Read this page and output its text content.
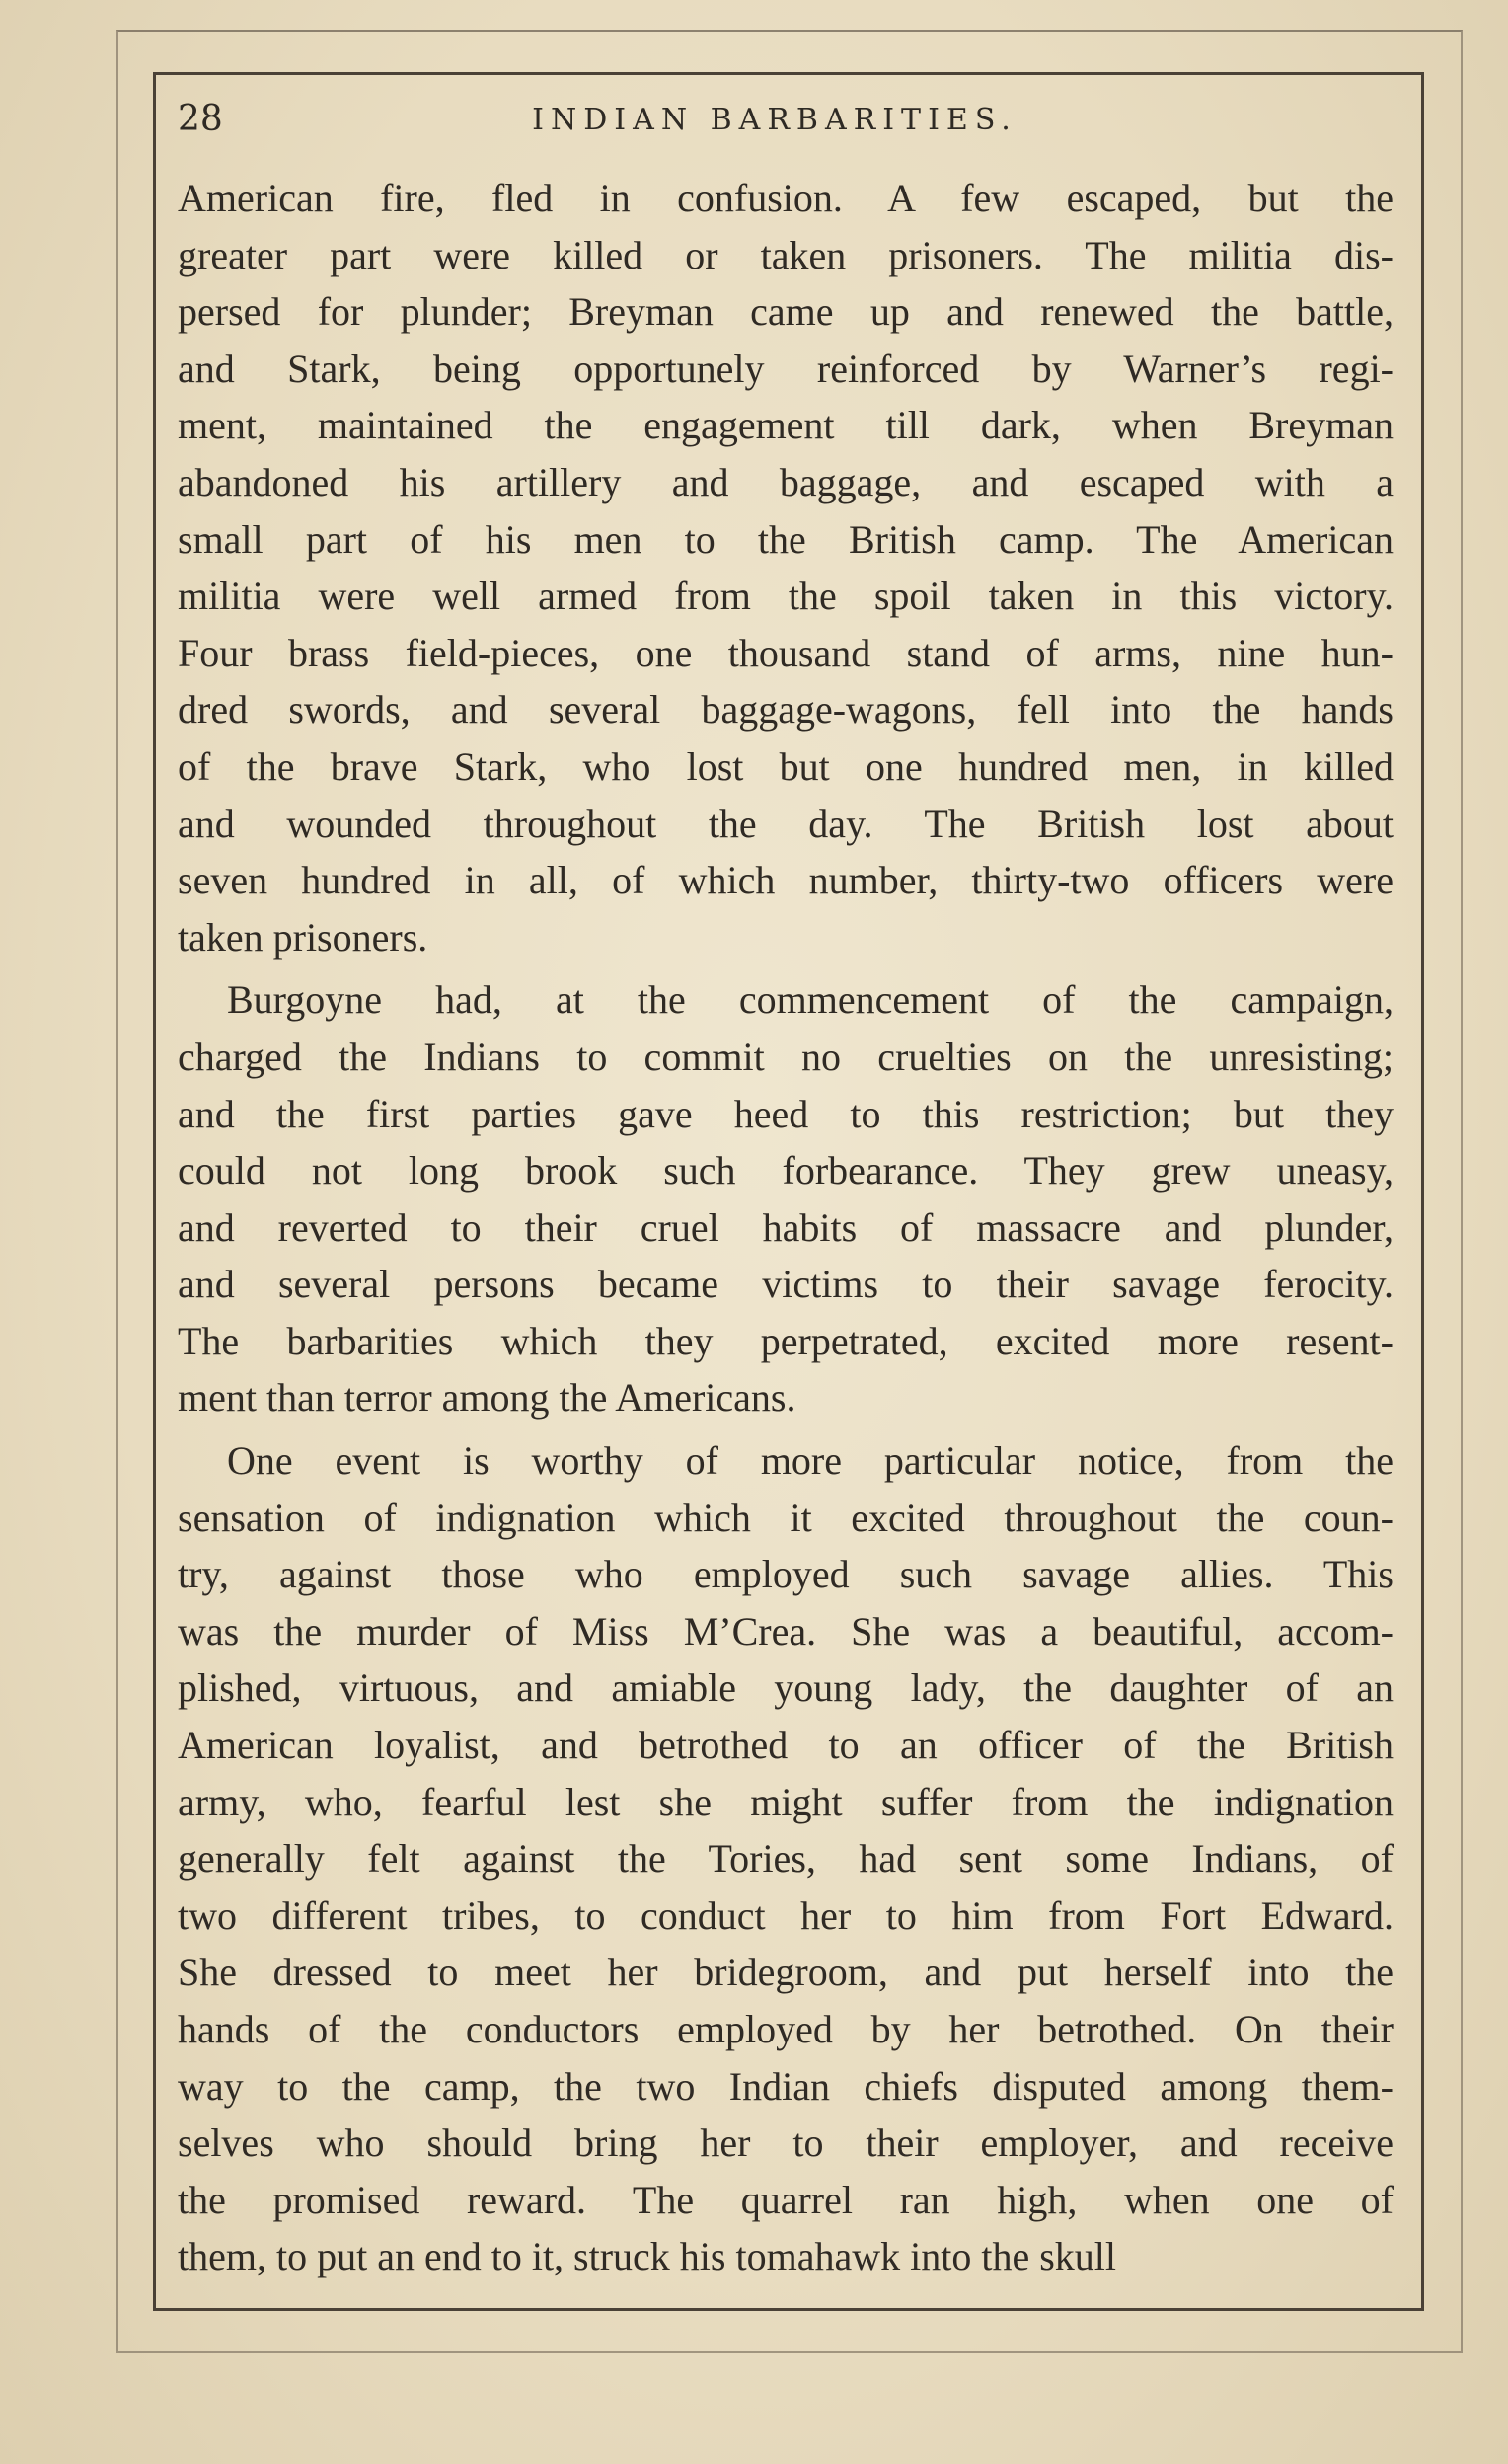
28	INDIAN BARBARITIES.
American fire, fled in confusion. A few escaped, but the
greater part were killed or taken prisoners. The militia dis-
persed for plunder; Breyman came up and renewed the battle,
and Stark, being opportunely reinforced by Warner’s regi-
ment, maintained the engagement till dark, when Breyman
abandoned his artillery and baggage, and escaped with a
small part of his men to the British camp. The American
militia were well armed from the spoil taken in this victory.
Four brass field-pieces, one thousand stand of arms, nine hun-
dred swords, and several baggage-wagons, fell into the hands
of the brave Stark, who lost but one hundred men, in killed
and wounded throughout the day. The British lost about
seven hundred in all, of which number, thirty-two officers were
taken prisoners.
Burgoyne had, at the commencement of the campaign,
charged the Indians to commit no cruelties on the unresisting;
and the first parties gave heed to this restriction; but they
could not long brook such forbearance. They grew uneasy,
and reverted to their cruel habits of massacre and plunder,
and several persons became victims to their savage ferocity.
The barbarities which they perpetrated, excited more resent-
ment than terror among the Americans.
One event is worthy of more particular notice, from the
sensation of indignation which it excited throughout the coun-
try, against those who employed such savage allies. This
was the murder of Miss M’Crea. She was a beautiful, accom-
plished, virtuous, and amiable young lady, the daughter of an
American loyalist, and betrothed to an officer of the British
army, who, fearful lest she might suffer from the indignation
generally felt against the Tories, had sent some Indians, of
two different tribes, to conduct her to him from Fort Edward.
She dressed to meet her bridegroom, and put herself into the
hands of the conductors employed by her betrothed. On their
way to the camp, the two Indian chiefs disputed among them-
selves who should bring her to their employer, and receive
the promised reward. The quarrel ran high, when one of
them, to put an end to it, struck his tomahawk into the skull
